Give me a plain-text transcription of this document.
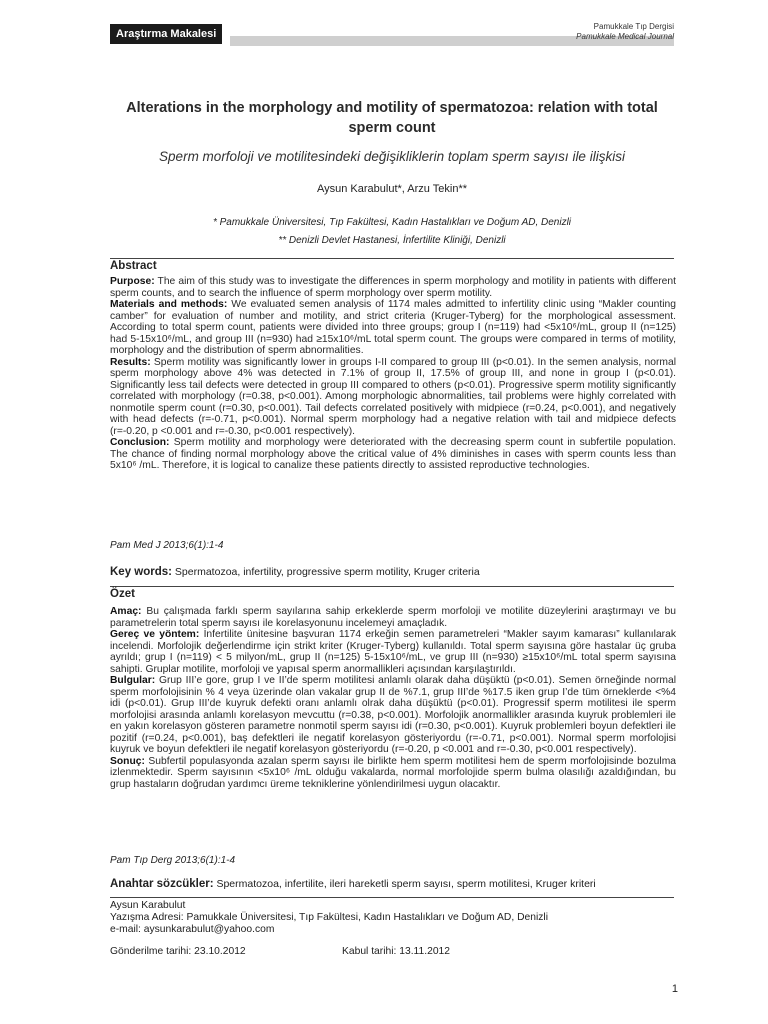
Araştırma Makalesi
Pamukkale Tıp Dergisi
Pamukkale Medical Journal
Alterations in the morphology and motility of spermatozoa: relation with total sperm count
Sperm morfoloji ve motilitesindeki değişikliklerin toplam sperm sayısı ile ilişkisi
Aysun Karabulut*, Arzu Tekin**
* Pamukkale Üniversitesi, Tıp Fakültesi, Kadın Hastalıkları ve Doğum AD, Denizli
** Denizli Devlet Hastanesi, İnfertilite Kliniği, Denizli
Abstract

Purpose: The aim of this study was to investigate the differences in sperm morphology and motility in patients with different sperm counts, and to search the influence of sperm morphology over sperm motility.

Materials and methods: We evaluated semen analysis of 1174 males admitted to infertility clinic using “Makler counting camber” for evaluation of number and motility, and strict criteria (Kruger-Tyberg) for the morphological assessment. According to total sperm count, patients were divided into three groups; group I (n=119) had <5x10⁶/mL, group II (n=125) had 5-15x10⁶/mL, and group III (n=930) had ≥15x10⁶/mL total sperm count. The groups were compared in terms of motility, morphology and the distribution of sperm abnormalities.

Results: Sperm motility was significantly lower in groups I-II compared to group III (p<0.01). In the semen analysis, normal sperm morphology above 4% was detected in 7.1% of group II, 17.5% of group III, and none in group I (p<0.01). Significantly less tail defects were detected in group III compared to others (p<0.01). Progressive sperm motility significantly correlated with morphology (r=0.38, p<0.001). Among morphologic abnormalities, tail problems were highly correlated with nonmotile sperm count (r=0.30, p<0.001). Tail defects correlated positively with midpiece (r=0.24, p<0.001), and negatively with head defects (r=-0.71, p<0.001). Normal sperm morphology had a negative relation with tail and midpiece defects (r=-0.20, p <0.001 and r=-0.30, p<0.001 respectively).

Conclusion: Sperm motility and morphology were deteriorated with the decreasing sperm count in subfertile population. The chance of finding normal morphology above the critical value of 4% diminishes in cases with sperm counts less than 5x10⁶ /mL. Therefore, it is logical to canalize these patients directly to assisted reproductive technologies.

Pam Med J 2013;6(1):1-4
Key words: Spermatozoa, infertility, progressive sperm motility, Kruger criteria
Özet

Amaç: Bu çalışmada farklı sperm sayılarına sahip erkeklerde sperm morfoloji ve motilite düzeylerini araştırmayı ve bu parametrelerin total sperm sayısı ile korelasyonunu incelemeyi amaçladık.

Gereç ve yöntem: İnfertilite ünitesine başvuran 1174 erkeğin semen parametreleri “Makler sayım kamarası” kullanılarak incelendi. Morfolojik değerlendirme için strikt kriter (Kruger-Tyberg) kullanıldı. Total sperm sayısına göre hastalar üç gruba ayrıldı; grup I (n=119) < 5 milyon/mL, grup II (n=125) 5-15x10⁶/mL, ve grup III (n=930) ≥15x10⁶/mL total sperm sayısına sahipti. Gruplar motilite, morfoloji ve yapısal sperm anormallikleri açısından karşılaştırıldı.

Bulgular: Grup III’e gore, grup I ve II’de sperm motilitesi anlamlı olarak daha düşüktü (p<0.01). Semen örneğinde normal sperm morfolojisinin % 4 veya üzerinde olan vakalar grup II de %7.1, grup III’de %17.5 iken grup I’de tüm örneklerde <%4 idi (p<0.01). Grup III’de kuyruk defekti oranı anlamlı olrak daha düşüktü (p<0.01). Progressif sperm motilitesi ile sperm morfolojisi arasında anlamlı korelasyon mevcuttu (r=0.38, p<0.001). Morfolojik anormallikler arasında kuyruk problemleri ile en yakın korelasyon gösteren parametre nonmotil sperm sayısı idi (r=0.30, p<0.001). Kuyruk problemleri boyun defektleri ile pozitif (r=0.24, p<0.001), baş defektleri ile negatif korelasyon gösteriyordu (r=-0.71, p<0.001). Normal sperm morfolojisi kuyruk ve boyun defektleri ile negatif korelasyon gösteriyordu (r=-0.20, p <0.001 and r=-0.30, p<0.001 respectively).

Sonuç: Subfertil populasyonda azalan sperm sayısı ile birlikte hem sperm motilitesi hem de sperm morfolojisinde bozulma izlenmektedir. Sperm sayısının <5x10⁶ /mL olduğu vakalarda, normal morfolojide sperm bulma olasılığı azaldığından, bu grup hastaların doğrudan yardımcı üreme tekniklerine yönlendirilmesi uygun olacaktır.

Pam Tıp Derg 2013;6(1):1-4
Anahtar sözcükler: Spermatozoa, infertilite, ileri hareketli sperm sayısı, sperm motilitesi, Kruger kriteri
Aysun Karabulut
Yazışma Adresi: Pamukkale Üniversitesi, Tıp Fakültesi, Kadın Hastalıkları ve Doğum AD, Denizli
e-mail: aysunkarabulut@yahoo.com
Gönderilme tarihi: 23.10.2012	Kabul tarihi: 13.11.2012
1
